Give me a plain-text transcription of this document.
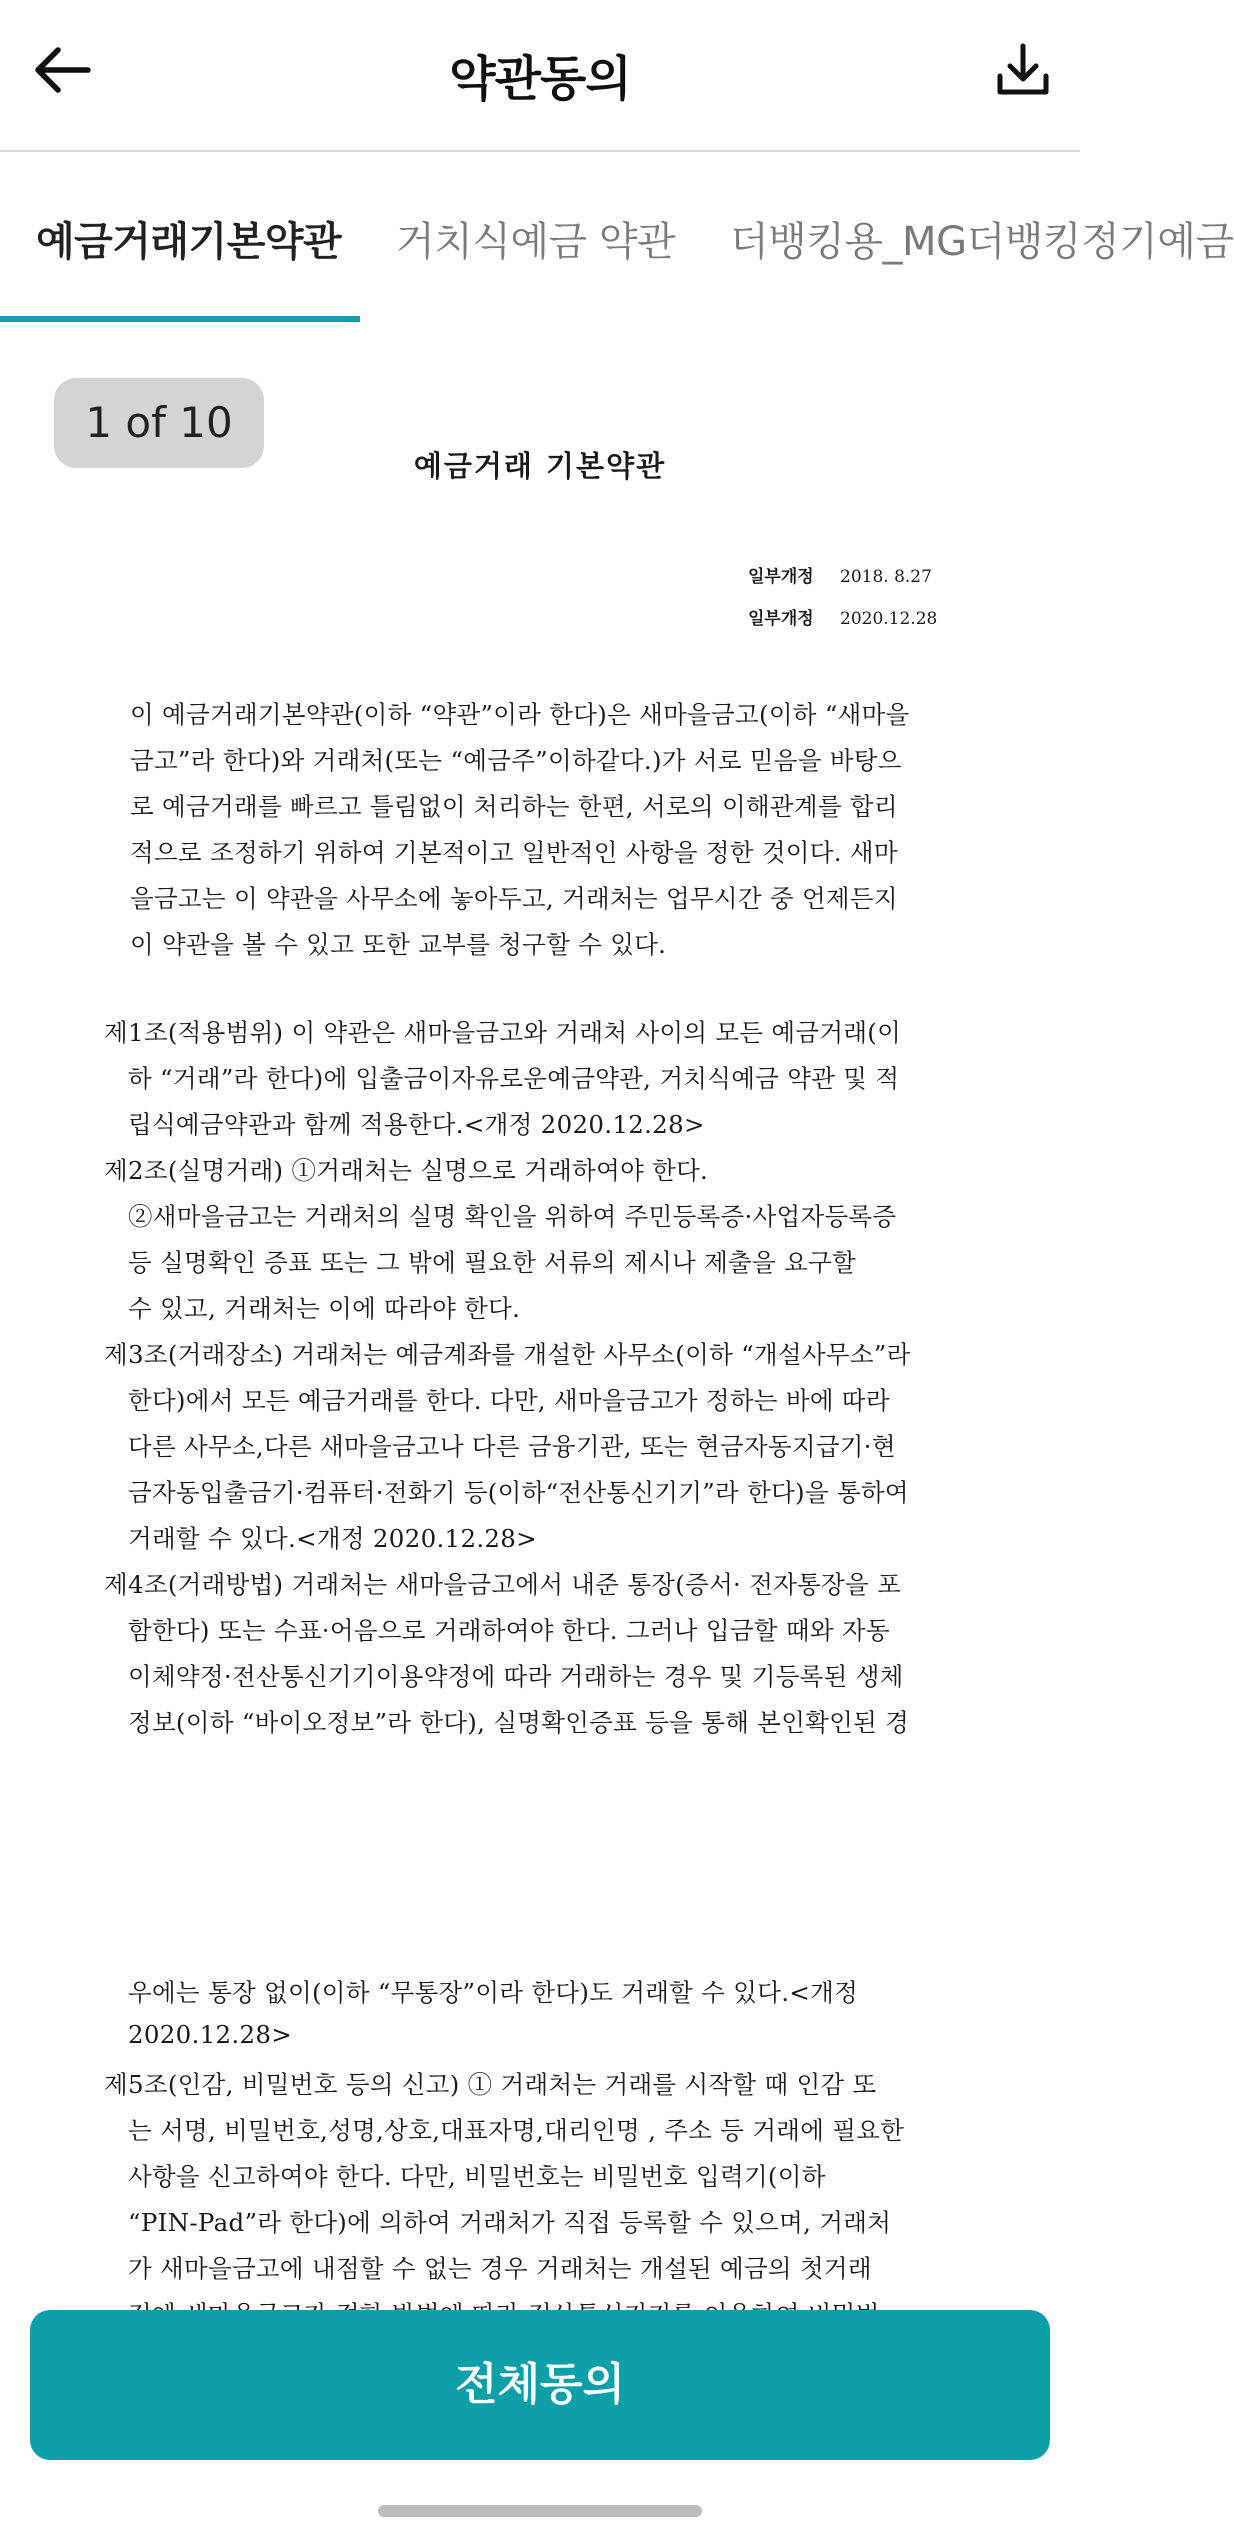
약관동의
예금거래기본약관 거치식예금 약관 더뱅킹용_MG더뱅킹정기예금
1 of 10
예금거래 기본약관
일부개정 2018. 8.27
일부개정 2020.12.28
이 예금거래기본약관(이하 “약관”이라 한다)은 새마을금고(이하 “새마을
금고”라 한다)와 거래처(또는 “예금주”이하같다.)가 서로 믿음을 바탕으
로 예금거래를 빠르고 틀림없이 처리하는 한편, 서로의 이해관계를 합리
적으로 조정하기 위하여 기본적이고 일반적인 사항을 정한 것이다. 새마
을금고는 이 약관을 사무소에 놓아두고, 거래처는 업무시간 중 언제든지
이 약관을 볼 수 있고 또한 교부를 청구할 수 있다.
제1조(적용범위) 이 약관은 새마을금고와 거래처 사이의 모든 예금거래(이
하 “거래”라 한다)에 입출금이자유로운예금약관, 거치식예금 약관 및 적
립식예금약관과 함께 적용한다.<개정 2020.12.28>
제2조(실명거래) ①거래처는 실명으로 거래하여야 한다.
②새마을금고는 거래처의 실명 확인을 위하여 주민등록증·사업자등록증
등 실명확인 증표 또는 그 밖에 필요한 서류의 제시나 제출을 요구할
수 있고, 거래처는 이에 따라야 한다.
제3조(거래장소) 거래처는 예금계좌를 개설한 사무소(이하 “개설사무소”라
한다)에서 모든 예금거래를 한다. 다만, 새마을금고가 정하는 바에 따라
다른 사무소,다른 새마을금고나 다른 금융기관, 또는 현금자동지급기·현
금자동입출금기·컴퓨터·전화기 등(이하“전산통신기기”라 한다)을 통하여
거래할 수 있다.<개정 2020.12.28>
제4조(거래방법) 거래처는 새마을금고에서 내준 통장(증서· 전자통장을 포
함한다) 또는 수표·어음으로 거래하여야 한다. 그러나 입금할 때와 자동
이체약정·전산통신기기이용약정에 따라 거래하는 경우 및 기등록된 생체
정보(이하 “바이오정보”라 한다), 실명확인증표 등을 통해 본인확인된 경
우에는 통장 없이(이하 “무통장”이라 한다)도 거래할 수 있다.<개정
2020.12.28>
제5조(인감, 비밀번호 등의 신고) ① 거래처는 거래를 시작할 때 인감 또
는 서명, 비밀번호,성명,상호,대표자명,대리인명 , 주소 등 거래에 필요한
사항을 신고하여야 한다. 다만, 비밀번호는 비밀번호 입력기(이하
“PIN-Pad”라 한다)에 의하여 거래처가 직접 등록할 수 있으며, 거래처
가 새마을금고에 내점할 수 없는 경우 거래처는 개설된 예금의 첫거래
전체동의
